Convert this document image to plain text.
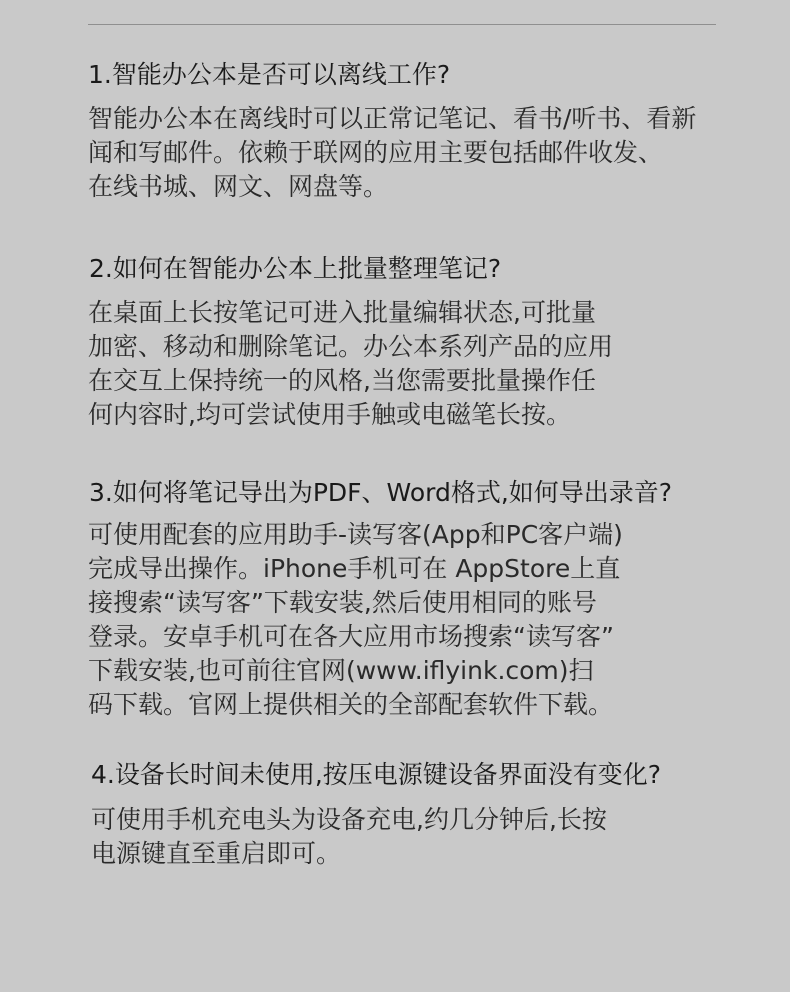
1.智能办公本是否可以离线工作?

智能办公本在离线时可以正常记笔记、看书/听书、看新
闻和写邮件。依赖于联网的应用主要包括邮件收发、
在线书城、网文、网盘等。

2.如何在智能办公本上批量整理笔记?

在桌面上长按笔记可进入批量编辑状态,可批量
加密、移动和删除笔记。办公本系列产品的应用
在交互上保持统一的风格,当您需要批量操作任
何内容时,均可尝试使用手触或电磁笔长按。

3.如何将笔记导出为PDF、Word格式,如何导出录音?

可使用配套的应用助手-读写客(App和PC客户端)
完成导出操作。iPhone手机可在 AppStore上直
接搜索“读写客”下载安装,然后使用相同的账号
登录。安卓手机可在各大应用市场搜索“读写客”
下载安装,也可前往官网(www.iflyink.com)扫
码下载。官网上提供相关的全部配套软件下载。

4.设备长时间未使用,按压电源键设备界面没有变化?

可使用手机充电头为设备充电,约几分钟后,长按
电源键直至重启即可。
